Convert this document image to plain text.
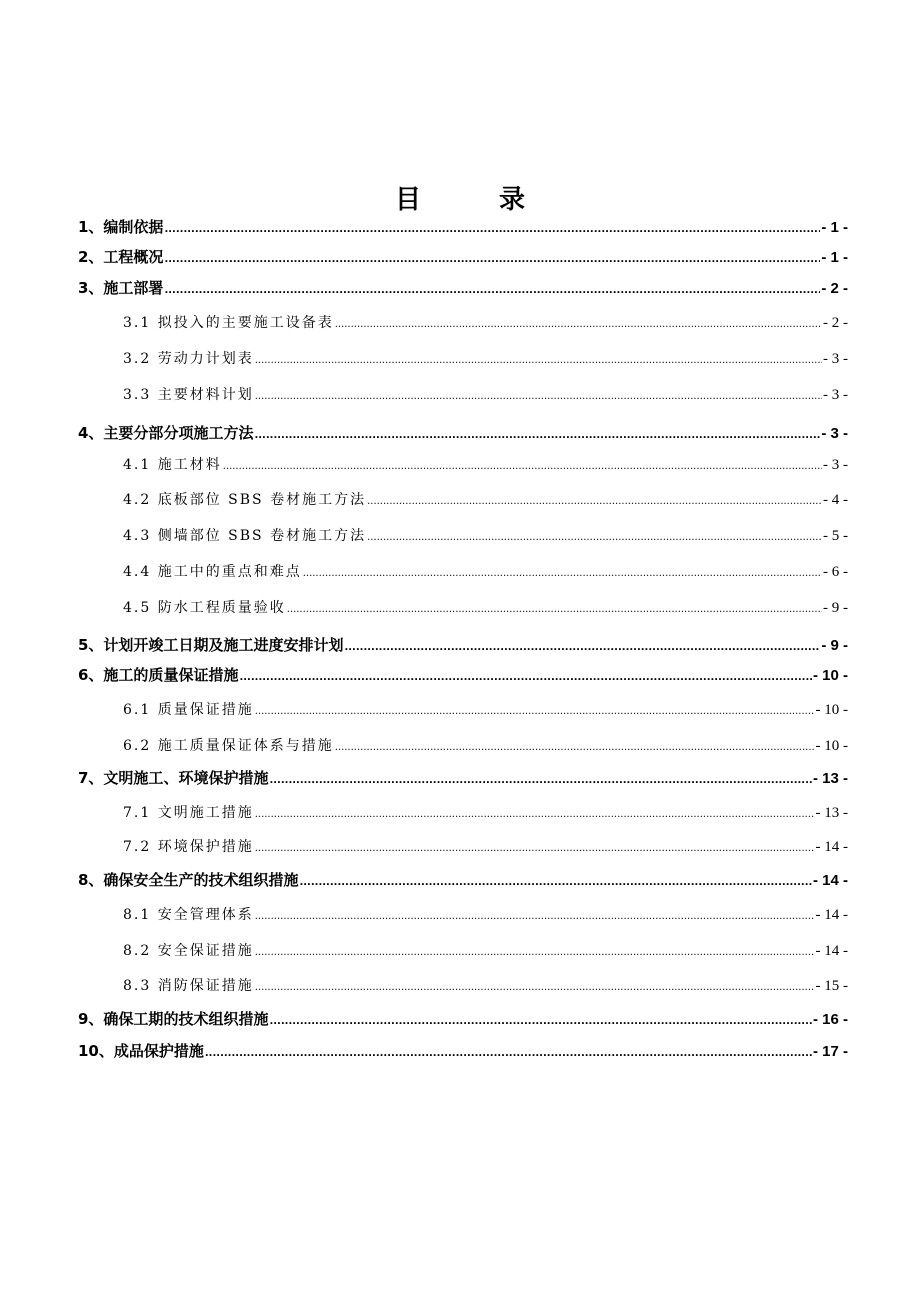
目　录
1、编制依据 .....	- 1 -
2、工程概况 .....	- 1 -
3、施工部署 .....	- 2 -
3.1 拟投入的主要施工设备表 .....	- 2 -
3.2 劳动力计划表 .....	- 3 -
3.3 主要材料计划 .....	- 3 -
4、主要分部分项施工方法 .....	- 3 -
4.1 施工材料 .....	- 3 -
4.2 底板部位 SBS 卷材施工方法 .....	- 4 -
4.3 侧墙部位 SBS 卷材施工方法 .....	- 5 -
4.4 施工中的重点和难点 .....	- 6 -
4.5 防水工程质量验收 .....	- 9 -
5、计划开竣工日期及施工进度安排计划 .....	- 9 -
6、施工的质量保证措施 .....	- 10 -
6.1 质量保证措施 .....	- 10 -
6.2 施工质量保证体系与措施 .....	- 10 -
7、文明施工、环境保护措施 .....	- 13 -
7.1 文明施工措施 .....	- 13 -
7.2 环境保护措施 .....	- 14 -
8、确保安全生产的技术组织措施 .....	- 14 -
8.1 安全管理体系 .....	- 14 -
8.2 安全保证措施 .....	- 14 -
8.3 消防保证措施 .....	- 15 -
9、确保工期的技术组织措施 .....	- 16 -
10、成品保护措施 .....	- 17 -
